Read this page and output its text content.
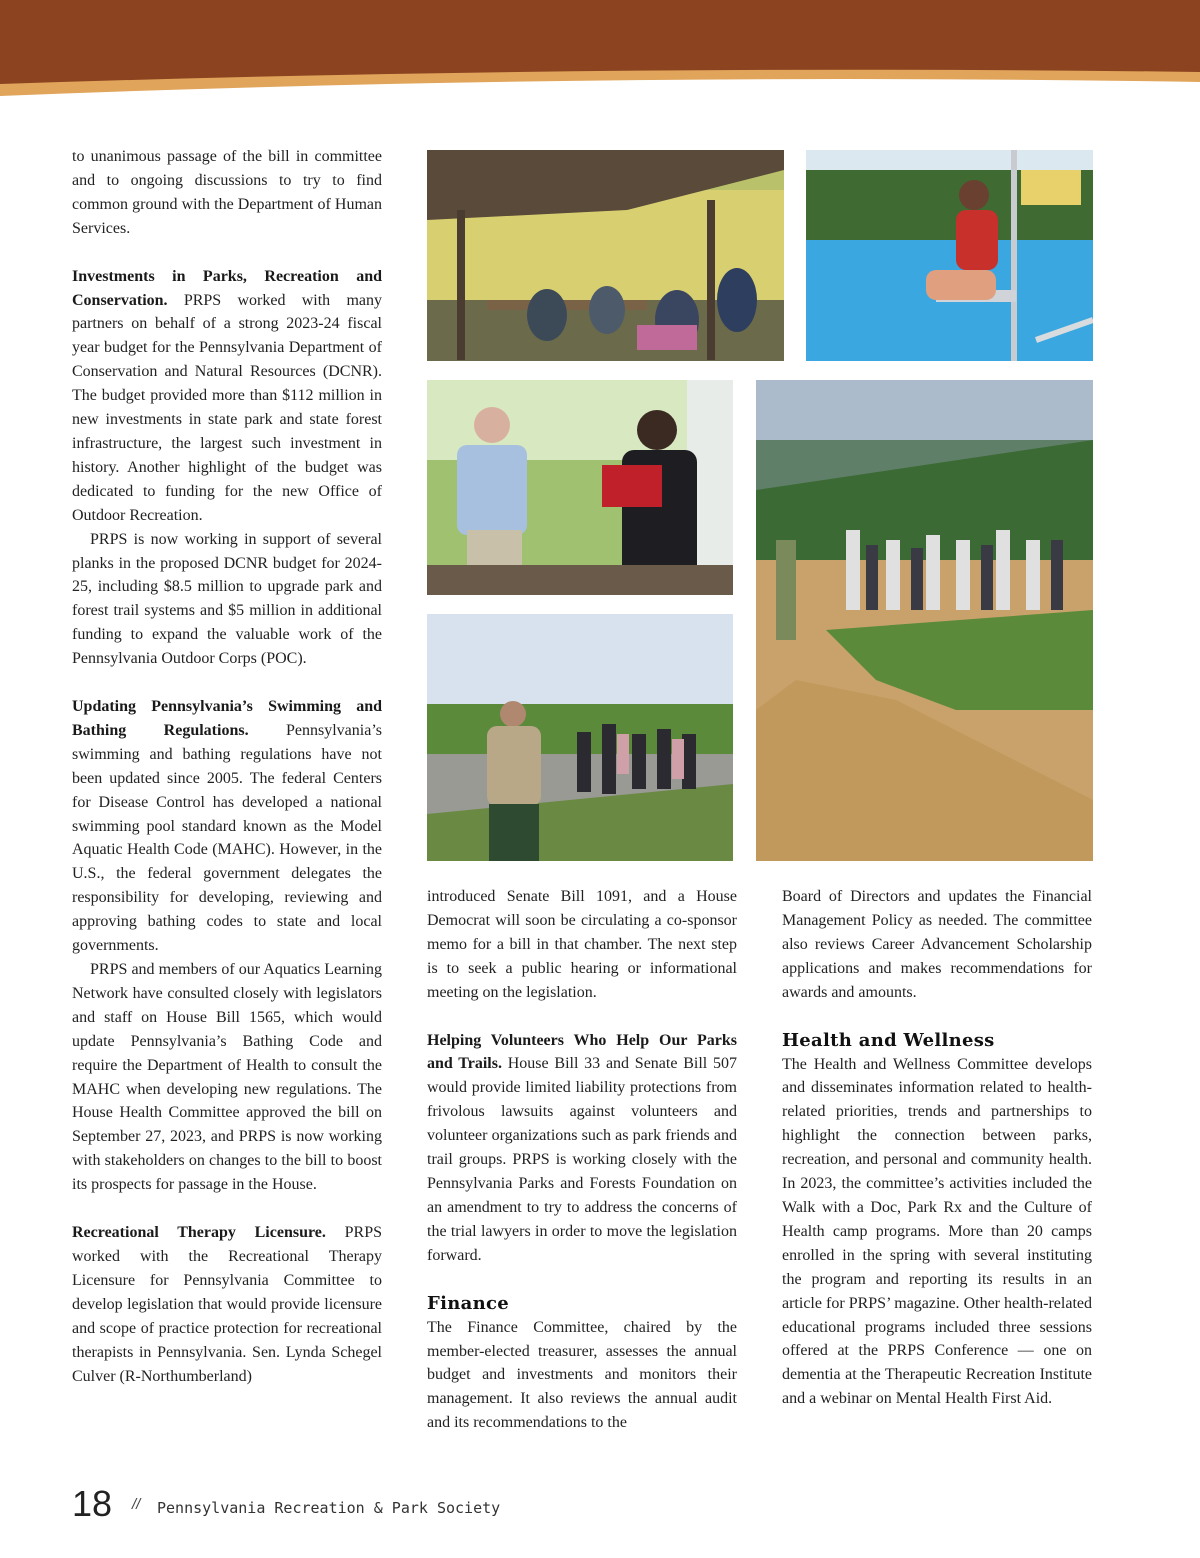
to unanimous passage of the bill in committee and to ongoing discussions to try to find common ground with the Department of Human Services.

Investments in Parks, Recreation and Conservation. PRPS worked with many partners on behalf of a strong 2023-24 fiscal year budget for the Pennsylvania Department of Conservation and Natural Resources (DCNR). The budget provided more than $112 million in new investments in state park and state forest infrastructure, the largest such investment in history. Another highlight of the budget was dedicated to funding for the new Office of Outdoor Recreation.

PRPS is now working in support of several planks in the proposed DCNR budget for 2024-25, including $8.5 million to upgrade park and forest trail systems and $5 million in additional funding to expand the valuable work of the Pennsylvania Outdoor Corps (POC).

Updating Pennsylvania’s Swimming and Bathing Regulations. Pennsylvania’s swimming and bathing regulations have not been updated since 2005. The federal Centers for Disease Control has developed a national swimming pool standard known as the Model Aquatic Health Code (MAHC). However, in the U.S., the federal government delegates the responsibility for developing, reviewing and approving bathing codes to state and local governments.

PRPS and members of our Aquatics Learning Network have consulted closely with legislators and staff on House Bill 1565, which would update Pennsylvania’s Bathing Code and require the Department of Health to consult the MAHC when developing new regulations. The House Health Committee approved the bill on September 27, 2023, and PRPS is now working with stakeholders on changes to the bill to boost its prospects for passage in the House.

Recreational Therapy Licensure. PRPS worked with the Recreational Therapy Licensure for Pennsylvania Committee to develop legislation that would provide licensure and scope of practice protection for recreational therapists in Pennsylvania. Sen. Lynda Schegel Culver (R-Northumberland)

introduced Senate Bill 1091, and a House Democrat will soon be circulating a co-sponsor memo for a bill in that chamber. The next step is to seek a public hearing or informational meeting on the legislation.

Helping Volunteers Who Help Our Parks and Trails. House Bill 33 and Senate Bill 507 would provide limited liability protections from frivolous lawsuits against volunteers and volunteer organizations such as park friends and trail groups. PRPS is working closely with the Pennsylvania Parks and Forests Foundation on an amendment to try to address the concerns of the trial lawyers in order to move the legislation forward.

Finance

The Finance Committee, chaired by the member-elected treasurer, assesses the annual budget and investments and monitors their management. It also reviews the annual audit and its recommendations to the

Board of Directors and updates the Financial Management Policy as needed. The committee also reviews Career Advancement Scholarship applications and makes recommendations for awards and amounts.

Health and Wellness

The Health and Wellness Committee develops and disseminates information related to health-related priorities, trends and partnerships to highlight the connection between parks, recreation, and personal and community health. In 2023, the committee’s activities included the Walk with a Doc, Park Rx and the Culture of Health camp programs. More than 20 camps enrolled in the spring with several instituting the program and reporting its results in an article for PRPS’ magazine. Other health-related educational programs included three sessions offered at the PRPS Conference — one on dementia at the Therapeutic Recreation Institute and a webinar on Mental Health First Aid.

18 // Pennsylvania Recreation & Park Society
